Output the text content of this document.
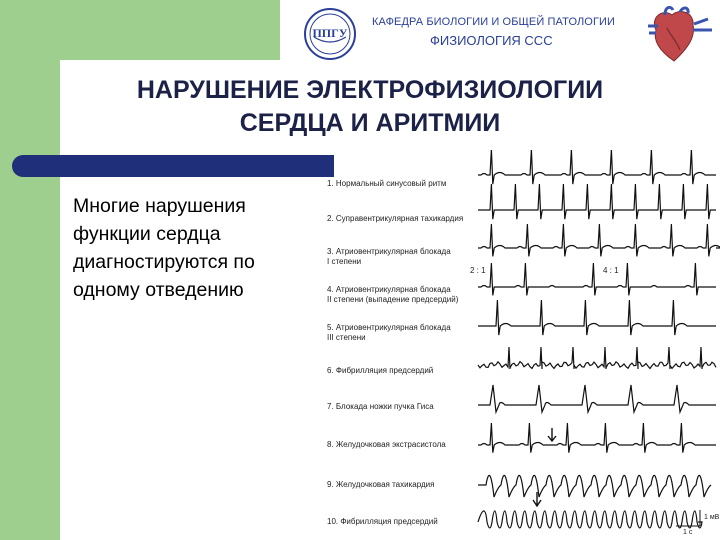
ППГУ
КАФЕДРА БИОЛОГИИ И ОБЩЕЙ ПАТОЛОГИИ
ФИЗИОЛОГИЯ ССС
НАРУШЕНИЕ ЭЛЕКТРОФИЗИОЛОГИИ
СЕРДЦА И АРИТМИИ
Многие нарушения
функции сердца
диагностируются по
одному отведению
1. Нормальный синусовый ритм
2. Суправентрикулярная тахикардия
3. Атриовентрикулярная блокада
I степени
4. Атриовентрикулярная блокада
II степени (выпадение предсердий)
5. Атриовентрикулярная блокада
III степени
6. Фибрилляция предсердий
7. Блокада ножки пучка Гиса
8. Желудочковая экстрасистола
9. Желудочковая тахикардия
10. Фибрилляция предсердий
2 : 1	4 : 1
1 мВ
1 с
